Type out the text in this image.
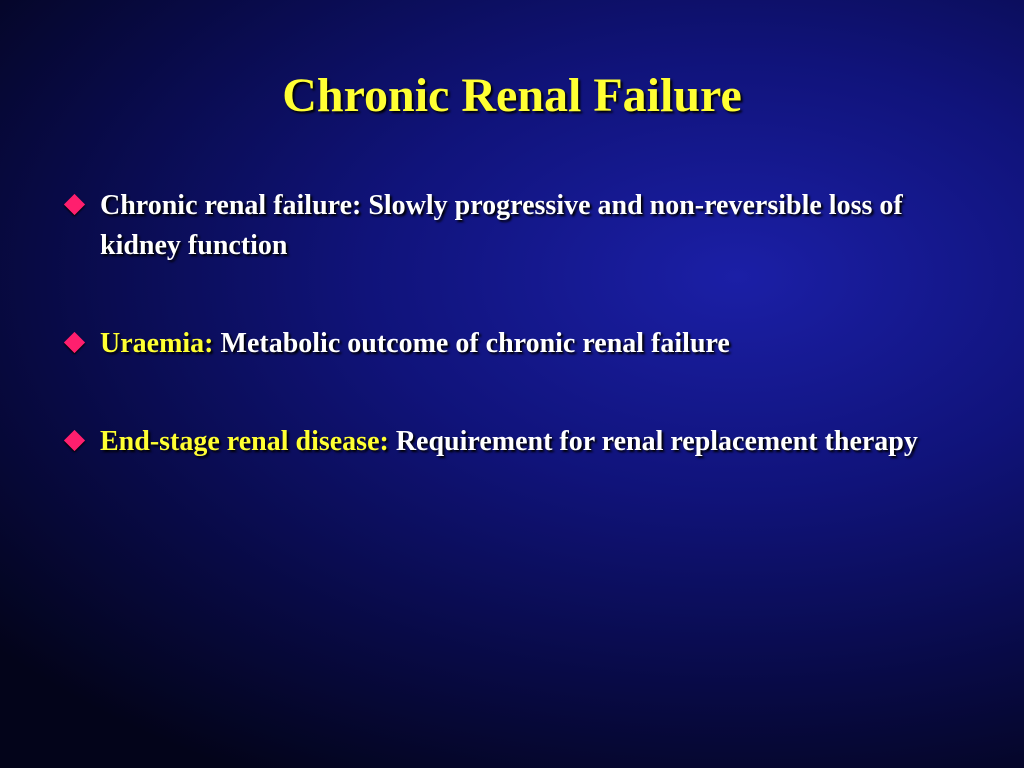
Chronic Renal Failure
Chronic renal failure: Slowly progressive and non-reversible loss of kidney function
Uraemia: Metabolic outcome of chronic renal failure
End-stage renal disease: Requirement for renal replacement therapy
